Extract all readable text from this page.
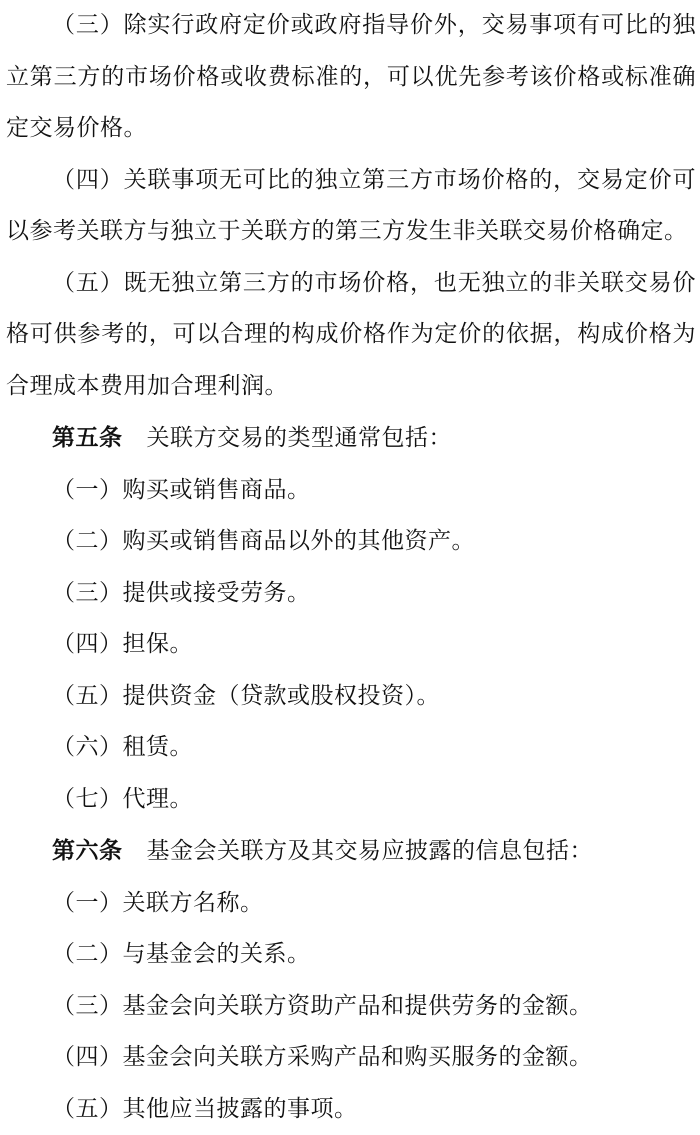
（三）除实行政府定价或政府指导价外，交易事项有可比的独立第三方的市场价格或收费标准的，可以优先参考该价格或标准确定交易价格。

（四）关联事项无可比的独立第三方市场价格的，交易定价可以参考关联方与独立于关联方的第三方发生非关联交易价格确定。

（五）既无独立第三方的市场价格，也无独立的非关联交易价格可供参考的，可以合理的构成价格作为定价的依据，构成价格为合理成本费用加合理利润。

第五条 关联方交易的类型通常包括：

（一）购买或销售商品。

（二）购买或销售商品以外的其他资产。

（三）提供或接受劳务。

（四）担保。

（五）提供资金（贷款或股权投资）。

（六）租赁。

（七）代理。

第六条 基金会关联方及其交易应披露的信息包括：

（一）关联方名称。

（二）与基金会的关系。

（三）基金会向关联方资助产品和提供劳务的金额。

（四）基金会向关联方采购产品和购买服务的金额。

（五）其他应当披露的事项。
